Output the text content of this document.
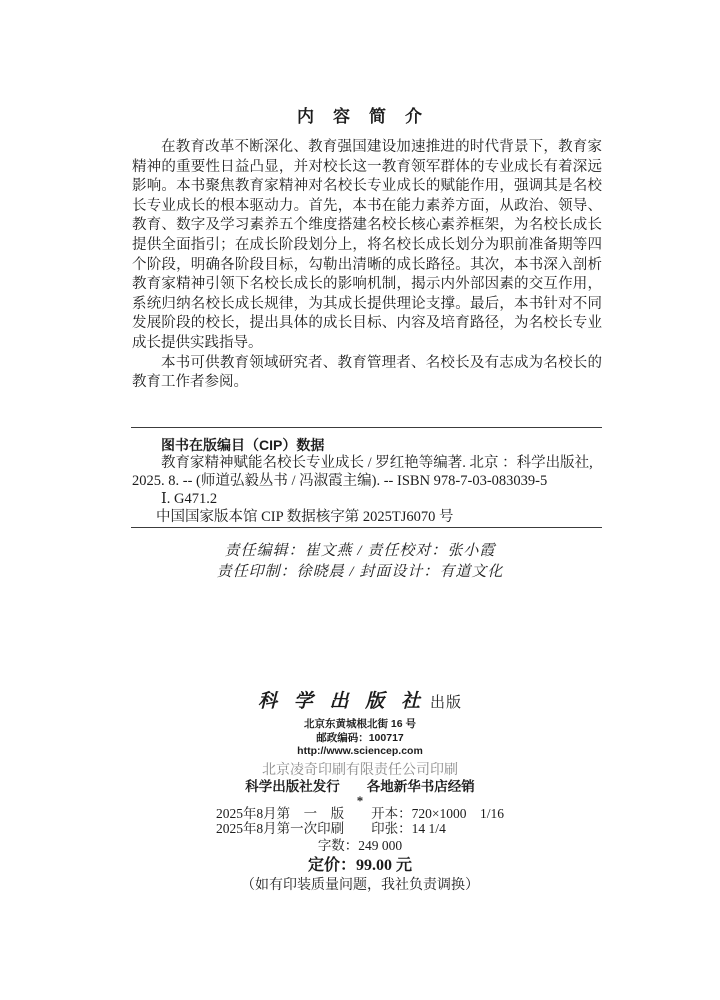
内　容　简　介

在教育改革不断深化、教育强国建设加速推进的时代背景下，教育家精神的重要性日益凸显，并对校长这一教育领军群体的专业成长有着深远影响。本书聚焦教育家精神对名校长专业成长的赋能作用，强调其是名校长专业成长的根本驱动力。首先，本书在能力素养方面，从政治、领导、教育、数字及学习素养五个维度搭建名校长核心素养框架，为名校长成长提供全面指引；在成长阶段划分上，将名校长成长划分为职前准备期等四个阶段，明确各阶段目标，勾勒出清晰的成长路径。其次，本书深入剖析教育家精神引领下名校长成长的影响机制，揭示内外部因素的交互作用，系统归纳名校长成长规律，为其成长提供理论支撑。最后，本书针对不同发展阶段的校长，提出具体的成长目标、内容及培育路径，为名校长专业成长提供实践指导。

本书可供教育领域研究者、教育管理者、名校长及有志成为名校长的教育工作者参阅。

图书在版编目（CIP）数据
教育家精神赋能名校长专业成长 / 罗红艳等编著. 北京 ：科学出版社,
2025. 8. -- (师道弘毅丛书 / 冯淑霞主编). -- ISBN 978-7-03-083039-5
Ⅰ. G471.2
中国国家版本馆 CIP 数据核字第 2025TJ6070 号
责任编辑：崔文燕 / 责任校对：张小霞
责任印制：徐晓晨 / 封面设计：有道文化
科 学 出 版 社 出版
北京东黄城根北街 16 号
邮政编码：100717
http://www.sciencep.com
北京凌奇印刷有限责任公司印刷
科学出版社发行　　各地新华书店经销
*
2025年8月第　一　版　　开本：720×1000　1/16
2025年8月第一次印刷　　印张：14 1/4
字数：249 000
定价：99.00 元
（如有印装质量问题，我社负责调换）
